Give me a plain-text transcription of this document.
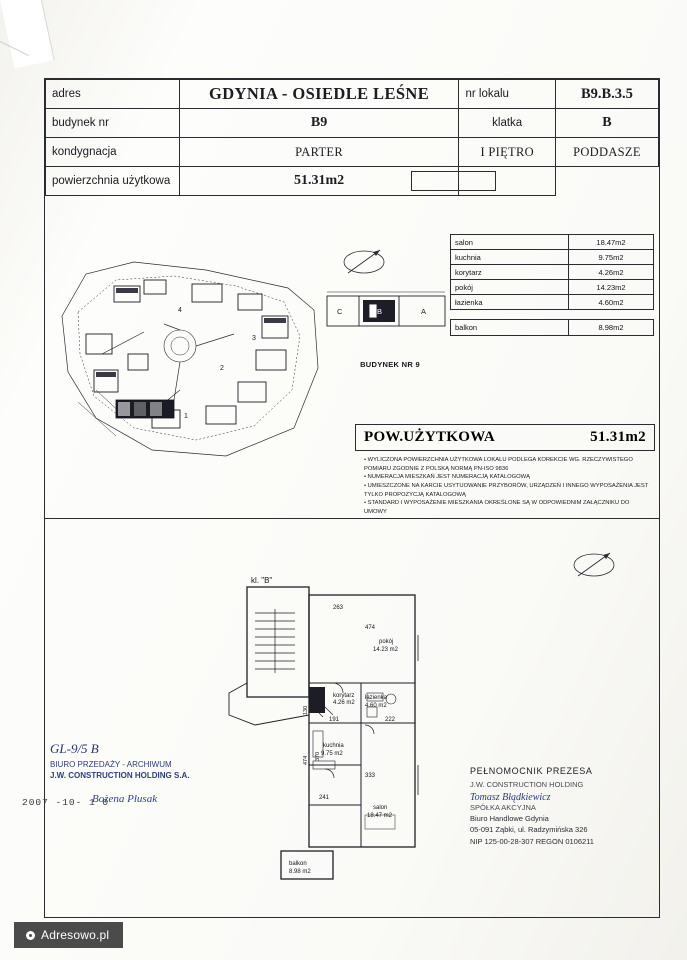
adres	GDYNIA - OSIEDLE LEŚNE	nr lokalu	B9.B.3.5
budynek nr	B9	klatka	B
kondygnacja	PARTER	I PIĘTRO	PODDASZE
powierzchnia użytkowa	51.31m2		
4
3
2
1
C	B	A
BUDYNEK NR 9
salon	18.47m2
kuchnia	9.75m2
korytarz	4.26m2
pokój	14.23m2
łazienka	4.60m2
balkon	8.98m2
POW.UŻYTKOWA	51.31m2
• WYLICZONA POWIERZCHNIA UŻYTKOWA LOKALU PODLEGA KOREKCIE WG. RZECZYWISTEGO POMIARU ZGODNIE Z POLSKĄ NORMĄ PN-ISO 9836
• NUMERACJA MIESZKAŃ JEST NUMERACJĄ KATALOGOWĄ
• UMIESZCZONE NA KARCIE USYTUOWANIE PRZYBORÓW, URZĄDZEŃ I INNEGO WYPOSAŻENIA JEST TYLKO PROPOZYCJĄ KATALOGOWĄ
• STANDARD I WYPOSAŻENIE MIESZKANIA OKREŚLONE SĄ W ODPOWIEDNIM ZAŁĄCZNIKU DO UMOWY
kl. "B"
263
474
pokój
14.23 m2
łazienka
4.60 m2
korytarz
4.26 m2
191	222
kuchnia
9.75 m2
333
241
salon
18.47 m2
balkon
8.98 m2
474 370
130
GL-9/5 B
BIURO PRZEDAŻY - ARCHIWUM
J.W. CONSTRUCTION HOLDING S.A.
Bożena Plusak
2007 -10- 1 0
PEŁNOMOCNIK PREZESA
J.W. CONSTRUCTION HOLDING
Tomasz Błądkiewicz
SPÓŁKA AKCYJNA
Biuro Handlowe Gdynia
05-091 Ząbki, ul. Radzymińska 326
NIP 125-00-28-307 REGON 0106211
Adresowo.pl
